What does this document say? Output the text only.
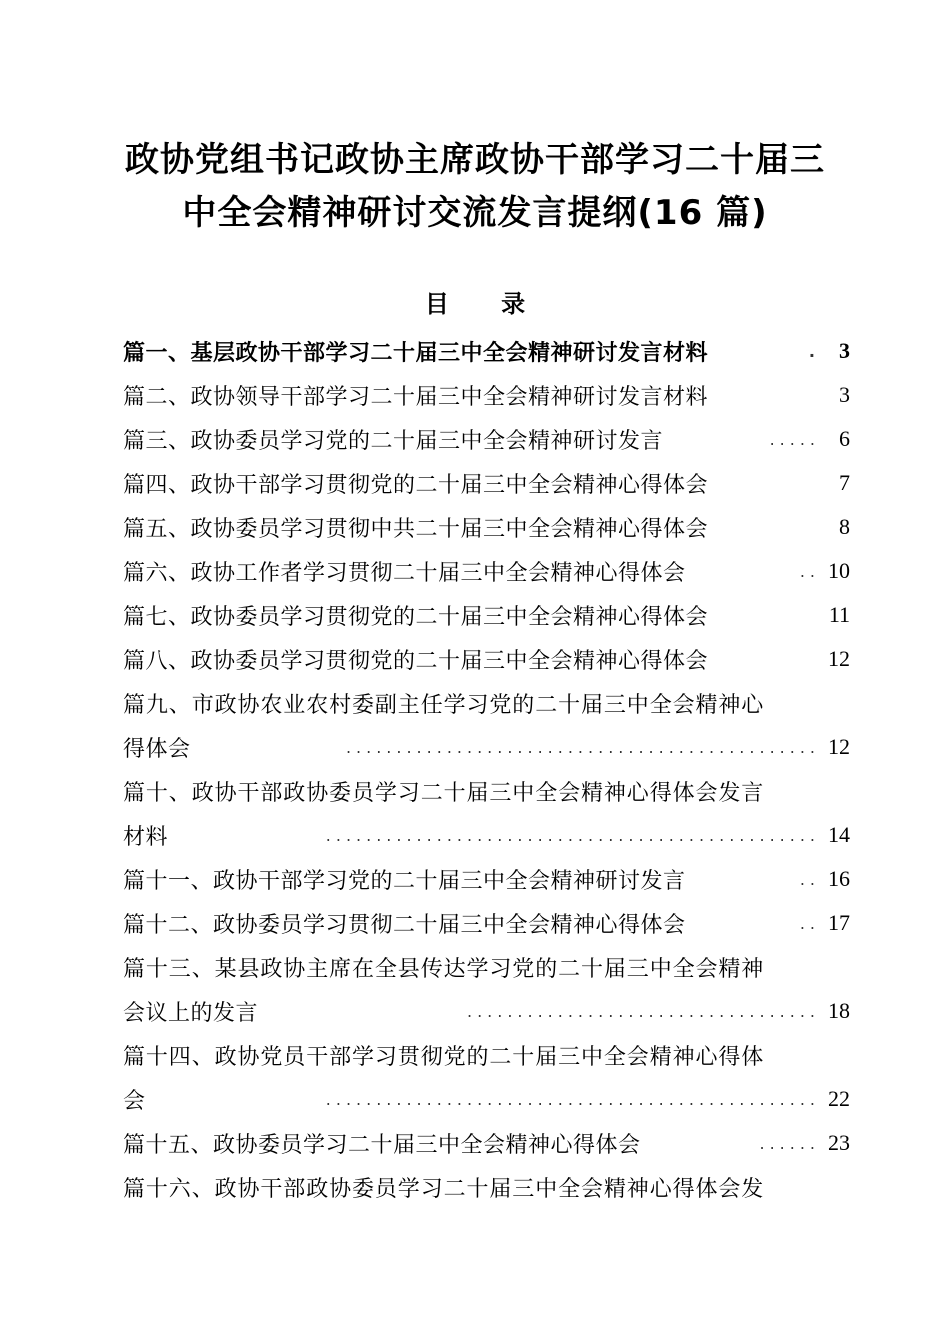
政协党组书记政协主席政协干部学习二十届三
中全会精神研讨交流发言提纲(16 篇)
目 录
篇一、基层政协干部学习二十届三中全会精神研讨发言材料	. 3
篇二、政协领导干部学习二十届三中全会精神研讨发言材料	3
篇三、政协委员学习党的二十届三中全会精神研讨发言	..... 6
篇四、政协干部学习贯彻党的二十届三中全会精神心得体会	7
篇五、政协委员学习贯彻中共二十届三中全会精神心得体会	8
篇六、政协工作者学习贯彻二十届三中全会精神心得体会	.. 10
篇七、政协委员学习贯彻党的二十届三中全会精神心得体会	11
篇八、政协委员学习贯彻党的二十届三中全会精神心得体会	12
篇九、市政协农业农村委副主任学习党的二十届三中全会精神心
得体会	............................................... 12
篇十、政协干部政协委员学习二十届三中全会精神心得体会发言
材料	................................................. 14
篇十一、政协干部学习党的二十届三中全会精神研讨发言	.. 16
篇十二、政协委员学习贯彻二十届三中全会精神心得体会	.. 17
篇十三、某县政协主席在全县传达学习党的二十届三中全会精神
会议上的发言	................................... 18
篇十四、政协党员干部学习贯彻党的二十届三中全会精神心得体
会	................................................. 22
篇十五、政协委员学习二十届三中全会精神心得体会	...... 23
篇十六、政协干部政协委员学习二十届三中全会精神心得体会发
